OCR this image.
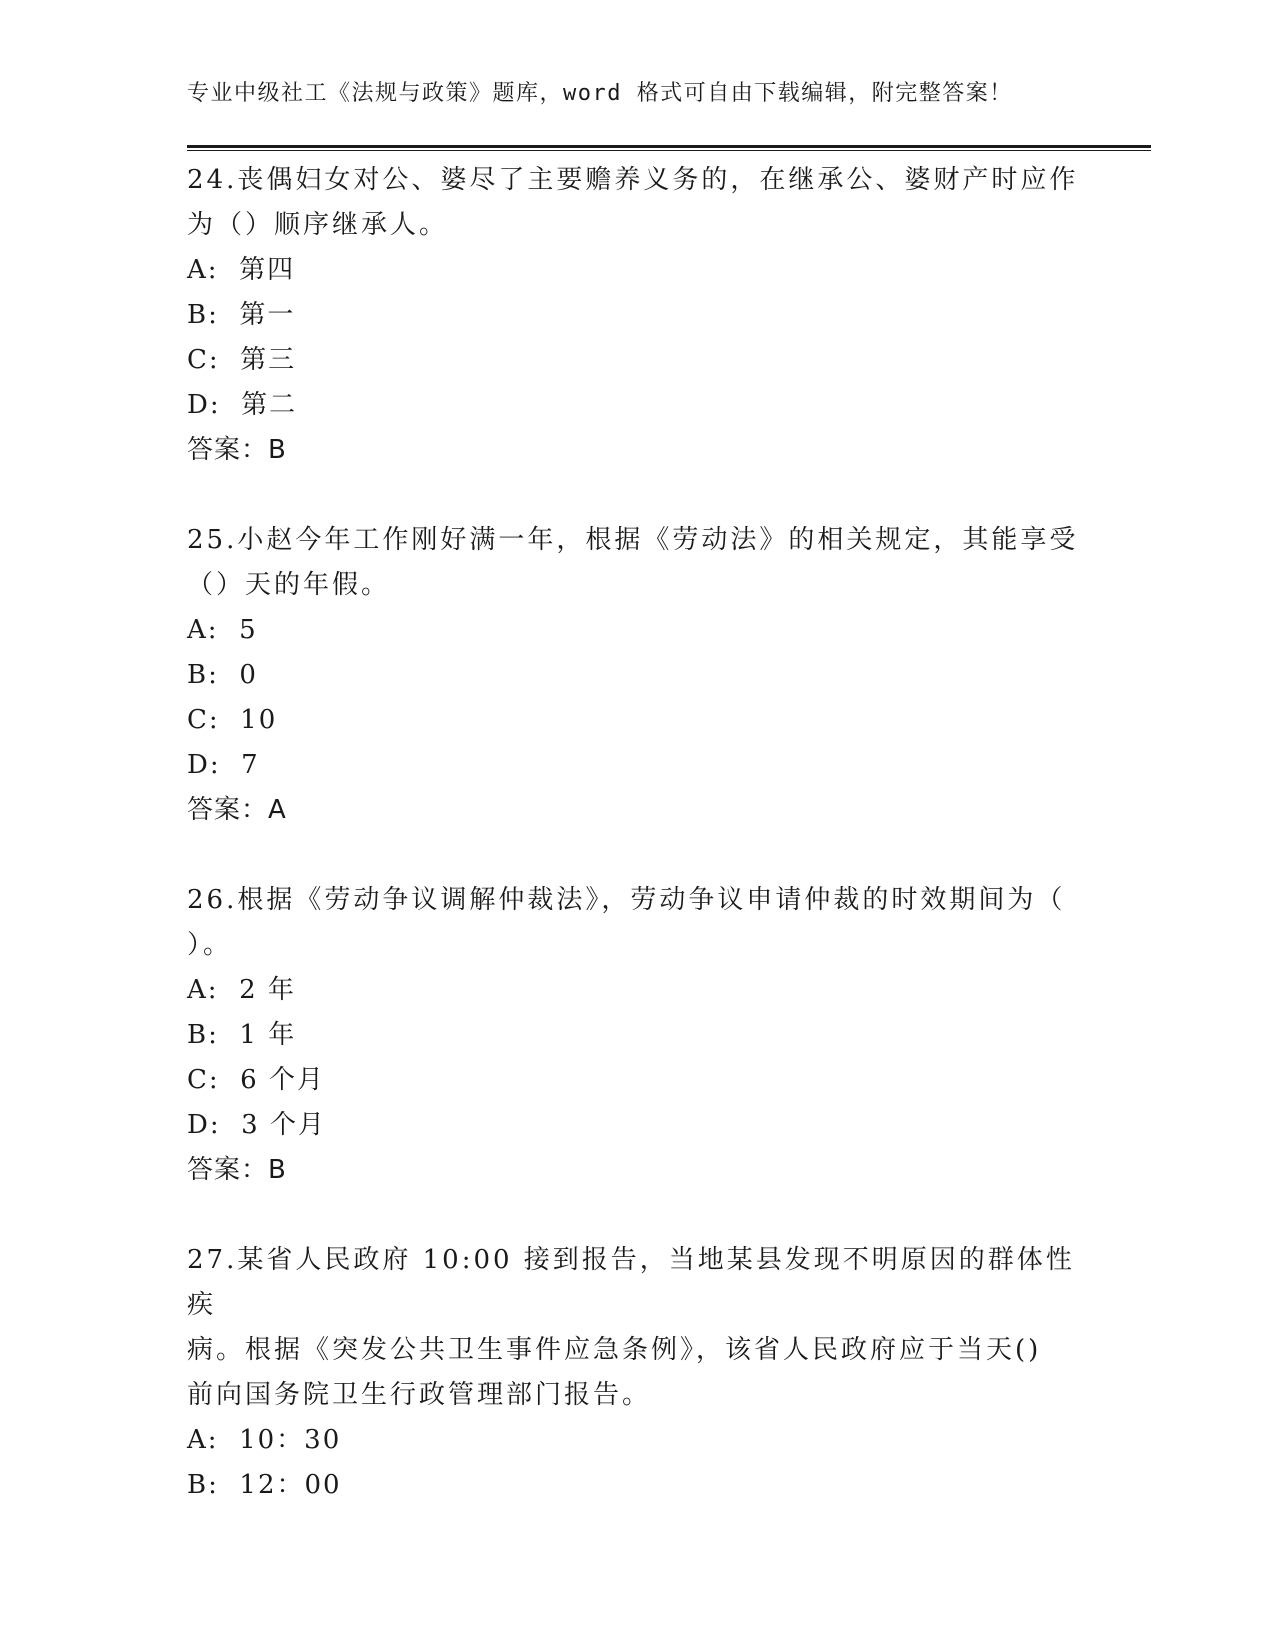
专业中级社工《法规与政策》题库，word 格式可自由下载编辑，附完整答案！

24.丧偶妇女对公、婆尽了主要赡养义务的，在继承公、婆财产时应作

为（）顺序继承人。

A:  第四

B:  第一

C:  第三

D:  第二

答案：B

25.小赵今年工作刚好满一年，根据《劳动法》的相关规定，其能享受

（）天的年假。

A:  5

B:  0

C:  10

D:  7

答案：A

26.根据《劳动争议调解仲裁法》，劳动争议申请仲裁的时效期间为（

）。

A:  2 年

B:  1 年

C:  6 个月

D:  3 个月

答案：B

27.某省人民政府 10:00 接到报告，当地某县发现不明原因的群体性疾

病。根据《突发公共卫生事件应急条例》，该省人民政府应于当天()

前向国务院卫生行政管理部门报告。

A:  10：30

B:  12：00
